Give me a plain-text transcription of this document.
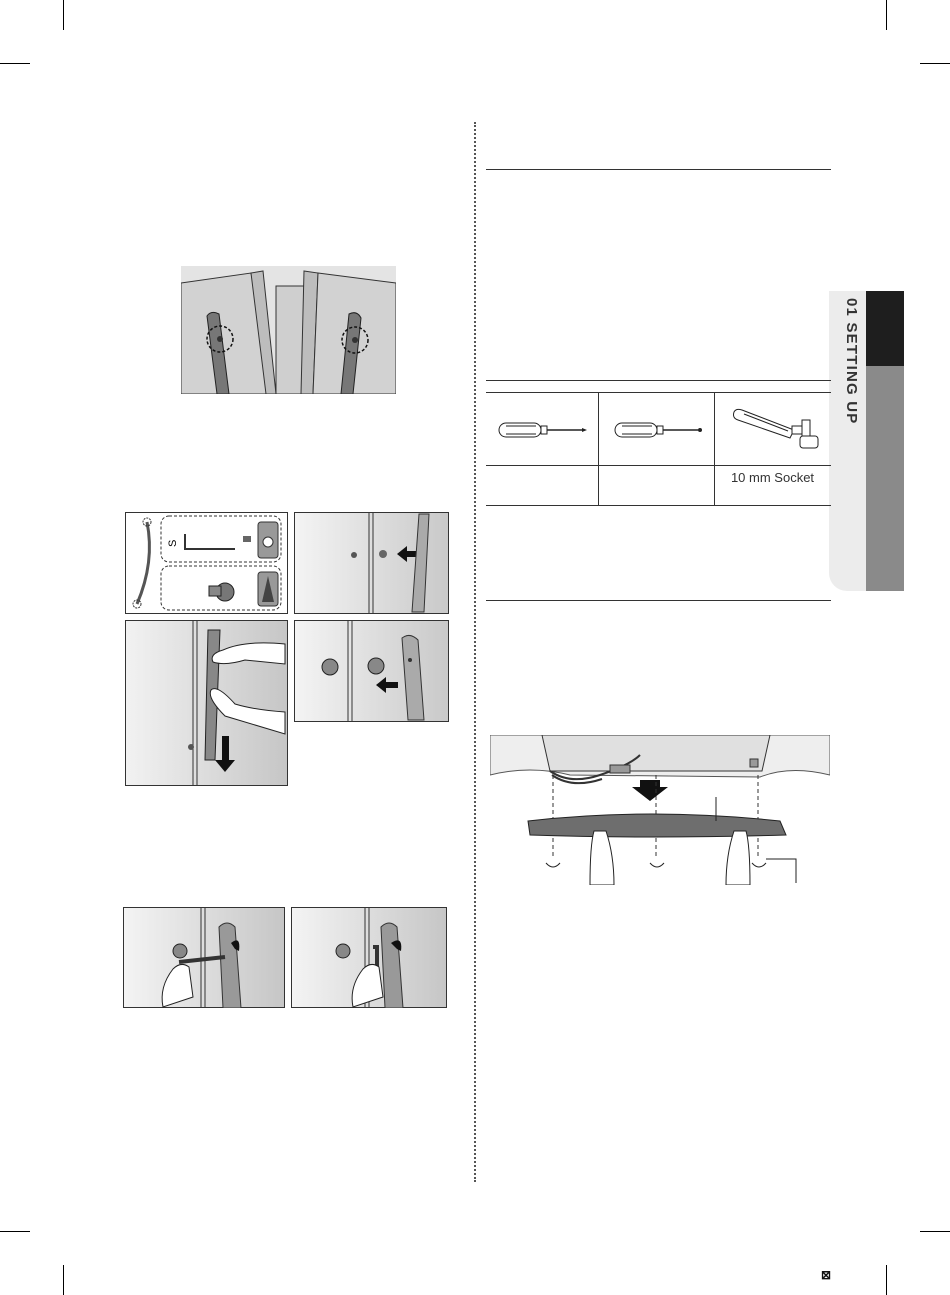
01 SETTING UP
S
10 mm Socket
⊠
